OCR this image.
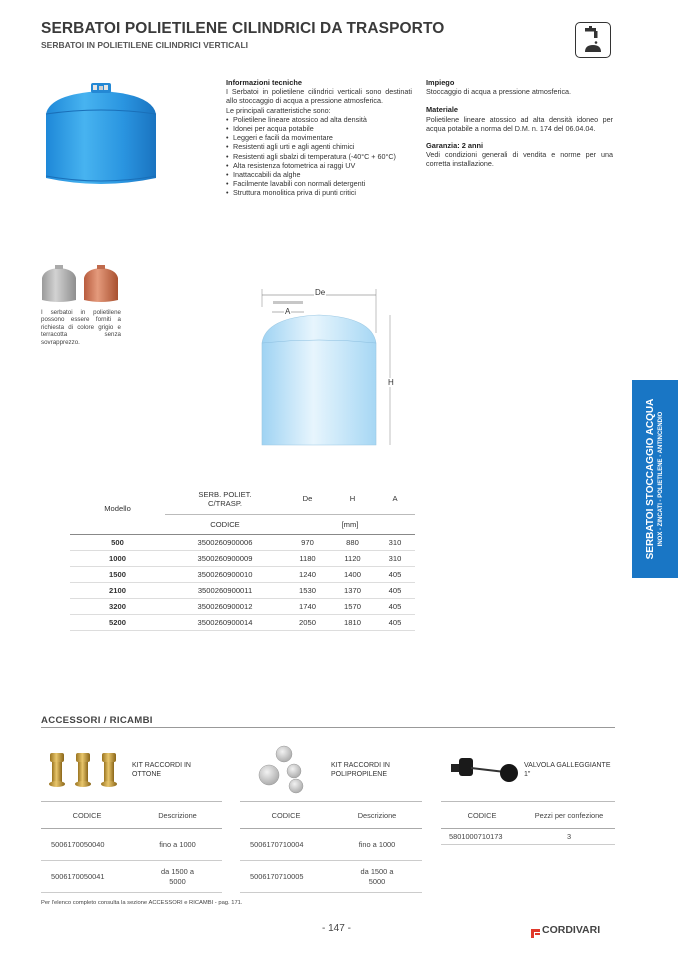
SERBATOI POLIETILENE CILINDRICI DA TRASPORTO
SERBATOI IN POLIETILENE CILINDRICI VERTICALI
Informazioni tecniche

I Serbatoi in polietilene cilindrici verticali sono destinati allo stoccaggio di acqua a pressione atmosferica.

Le principali caratteristiche sono:

• Polietilene lineare atossico ad alta densità
• Idonei per acqua potabile
• Leggeri e facili da movimentare
• Resistenti agli urti e agli agenti chimici
• Resistenti agli sbalzi di temperatura (-40°C + 60°C)
• Alta resistenza fotometrica ai raggi UV
• Inattaccabili da alghe
• Facilmente lavabili con normali detergenti
• Struttura monolitica priva di punti critici
Impiego

Stoccaggio di acqua a pressione atmosferica.

Materiale

Polietilene lineare atossico ad alta densità idoneo per acqua potabile a norma del D.M. n. 174 del 06.04.04.

Garanzia: 2 anni

Vedi condizioni generali di vendita e norme per una corretta installazione.

I serbatoi in polietilene possono essere forniti a richiesta di colore grigio e terracotta senza sovrapprezzo.
De
A
H
SERBATOI STOCCAGGIO ACQUA INOX - ZINCATI - POLIETILENE - ANTINCENDIO
Modello	SERB. POLIET. C/TRASP.	De	H	A
	CODICE	[mm]		
500	3500260900006	970	880	310
1000	3500260900009	1180	1120	310
1500	3500260900010	1240	1400	405
2100	3500260900011	1530	1370	405
3200	3500260900012	1740	1570	405
5200	3500260900014	2050	1810	405
ACCESSORI / RICAMBI
KIT RACCORDI IN OTTONE
KIT RACCORDI IN POLIPROPILENE
VALVOLA GALLEGGIANTE 1"
CODICE	Descrizione
5006170050040	fino a 1000
5006170050041	da 1500 a 5000
CODICE	Descrizione
5006170710004	fino a 1000
5006170710005	da 1500 a 5000
CODICE	Pezzi per confezione
5801000710173	3
Per l'elenco completo consulta la sezione ACCESSORI e RICAMBI - pag. 171.
- 147 -	CORDIVARI
